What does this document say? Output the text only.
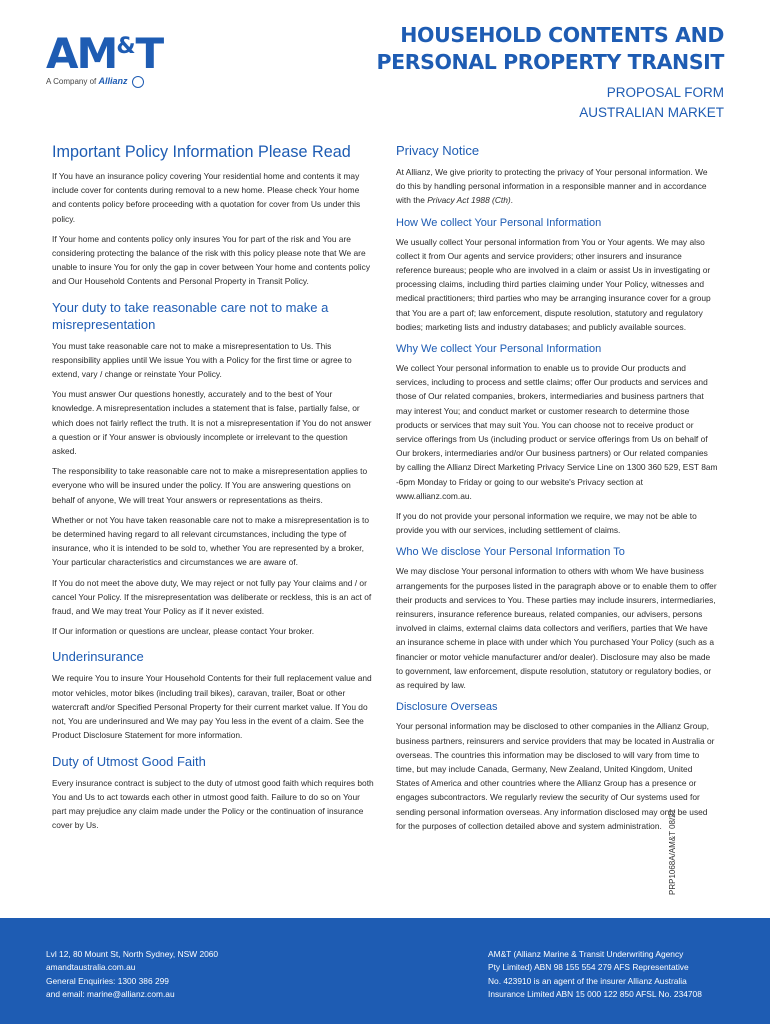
AM&T
A Company of Allianz
HOUSEHOLD CONTENTS AND
PERSONAL PROPERTY TRANSIT
PROPOSAL FORM
AUSTRALIAN MARKET
Important Policy Information Please Read

If You have an insurance policy covering Your residential home and contents it may include cover for contents during removal to a new home. Please check Your home and contents policy before proceeding with a quotation for cover from Us under this policy.

If Your home and contents policy only insures You for part of the risk and You are considering protecting the balance of the risk with this policy please note that We are unable to insure You for only the gap in cover between Your home and contents policy and Our Household Contents and Personal Property in Transit Policy.

Your duty to take reasonable care not to make a misrepresentation

You must take reasonable care not to make a misrepresentation to Us. This responsibility applies until We issue You with a Policy for the first time or agree to extend, vary / change or reinstate Your Policy.

You must answer Our questions honestly, accurately and to the best of Your knowledge. A misrepresentation includes a statement that is false, partially false, or which does not fairly reflect the truth. It is not a misrepresentation if You do not answer a question or if Your answer is obviously incomplete or irrelevant to the question asked.

The responsibility to take reasonable care not to make a misrepresentation applies to everyone who will be insured under the policy. If You are answering questions on behalf of anyone, We will treat Your answers or representations as theirs.

Whether or not You have taken reasonable care not to make a misrepresentation is to be determined having regard to all relevant circumstances, including the type of insurance, who it is intended to be sold to, whether You are represented by a broker, Your particular characteristics and circumstances we are aware of.

If You do not meet the above duty, We may reject or not fully pay Your claims and / or cancel Your Policy. If the misrepresentation was deliberate or reckless, this is an act of fraud, and We may treat Your Policy as if it never existed.

If Our information or questions are unclear, please contact Your broker.

Underinsurance

We require You to insure Your Household Contents for their full replacement value and motor vehicles, motor bikes (including trail bikes), caravan, trailer, Boat or other watercraft and/or Specified Personal Property for their current market value. If You do not, You are underinsured and We may pay You less in the event of a claim. See the Product Disclosure Statement for more information.

Duty of Utmost Good Faith

Every insurance contract is subject to the duty of utmost good faith which requires both You and Us to act towards each other in utmost good faith. Failure to do so on Your part may prejudice any claim made under the Policy or the continuation of insurance cover by Us.

Privacy Notice

At Allianz, We give priority to protecting the privacy of Your personal information. We do this by handling personal information in a responsible manner and in accordance with the Privacy Act 1988 (Cth).

How We collect Your Personal Information

We usually collect Your personal information from You or Your agents. We may also collect it from Our agents and service providers; other insurers and insurance reference bureaus; people who are involved in a claim or assist Us in investigating or processing claims, including third parties claiming under Your Policy, witnesses and medical practitioners; third parties who may be arranging insurance cover for a group that You are a part of; law enforcement, dispute resolution, statutory and regulatory bodies; marketing lists and industry databases; and publicly available sources.

Why We collect Your Personal Information

We collect Your personal information to enable us to provide Our products and services, including to process and settle claims; offer Our products and services and those of Our related companies, brokers, intermediaries and business partners that may interest You; and conduct market or customer research to determine those products or services that may suit You. You can choose not to receive product or service offerings from Us (including product or service offerings from Us on behalf of Our brokers, intermediaries and/or Our business partners) or Our related companies by calling the Allianz Direct Marketing Privacy Service Line on 1300 360 529, EST 8am -6pm Monday to Friday or going to our website's Privacy section at www.allianz.com.au.

If you do not provide your personal information we require, we may not be able to provide you with our services, including settlement of claims.

Who We disclose Your Personal Information To

We may disclose Your personal information to others with whom We have business arrangements for the purposes listed in the paragraph above or to enable them to offer their products and services to You. These parties may include insurers, intermediaries, reinsurers, insurance reference bureaus, related companies, our advisers, persons involved in claims, external claims data collectors and verifiers, parties that We have an insurance scheme in place with under which You purchased Your Policy (such as a financier or motor vehicle manufacturer and/or dealer). Disclosure may also be made to government, law enforcement, dispute resolution, statutory or regulatory bodies, or as required by law.

Disclosure Overseas

Your personal information may be disclosed to other companies in the Allianz Group, business partners, reinsurers and service providers that may be located in Australia or overseas. The countries this information may be disclosed to will vary from time to time, but may include Canada, Germany, New Zealand, United Kingdom, United States of America and other countries where the Allianz Group has a presence or engages subcontractors. We regularly review the security of Our systems used for sending personal information overseas. Any information disclosed may only be used for the purposes of collection detailed above and system administration. PRP1068A/AM&T 08/21
Lvl 12, 80 Mount St, North Sydney, NSW 2060
amandtaustralia.com.au
General Enquiries: 1300 386 299
and email: marine@allianz.com.au
AM&T (Allianz Marine & Transit Underwriting Agency
Pty Limited) ABN 98 155 554 279 AFS Representative
No. 423910 is an agent of the insurer Allianz Australia
Insurance Limited ABN 15 000 122 850 AFSL No. 234708
